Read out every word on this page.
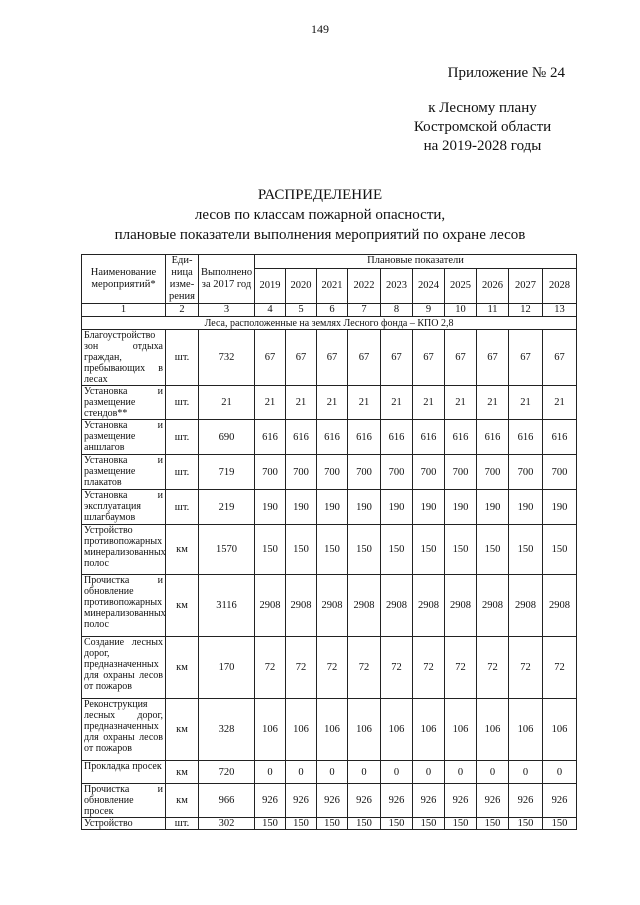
149
Приложение № 24
к Лесному плану
Костромской области
на 2019-2028 годы
РАСПРЕДЕЛЕНИЕ
лесов по классам пожарной опасности,
плановые показатели выполнения мероприятий по охране лесов
Наименование мероприятий*	Еди-ница изме-рения	Выполнено за 2017 год	Плановые показатели									
			2019	2020	2021	2022	2023	2024	2025	2026	2027	2028
1	2	3	4	5	6	7	8	9	10	11	12	13
Леса, расположенные на землях Лесного фонда – КПО 2,8												
Благоустройство зон отдыха граждан, пребывающих в лесах	шт.	732	67	67	67	67	67	67	67	67	67	67
Установка и размещение стендов**	шт.	21	21	21	21	21	21	21	21	21	21	21
Установка и размещение аншлагов	шт.	690	616	616	616	616	616	616	616	616	616	616
Установка и размещение плакатов	шт.	719	700	700	700	700	700	700	700	700	700	700
Установка и эксплуатация шлагбаумов	шт.	219	190	190	190	190	190	190	190	190	190	190
Устройство противопожарных минерализованных полос	км	1570	150	150	150	150	150	150	150	150	150	150
Прочистка и обновление противопожарных минерализованных полос	км	3116	2908	2908	2908	2908	2908	2908	2908	2908	2908	2908
Создание лесных дорог, предназначенных для охраны лесов от пожаров	км	170	72	72	72	72	72	72	72	72	72	72
Реконструкция лесных дорог, предназначенных для охраны лесов от пожаров	км	328	106	106	106	106	106	106	106	106	106	106
Прокладка просек	км	720	0	0	0	0	0	0	0	0	0	0
Прочистка и обновление просек	км	966	926	926	926	926	926	926	926	926	926	926
Устройство	шт.	302	150	150	150	150	150	150	150	150	150	150
